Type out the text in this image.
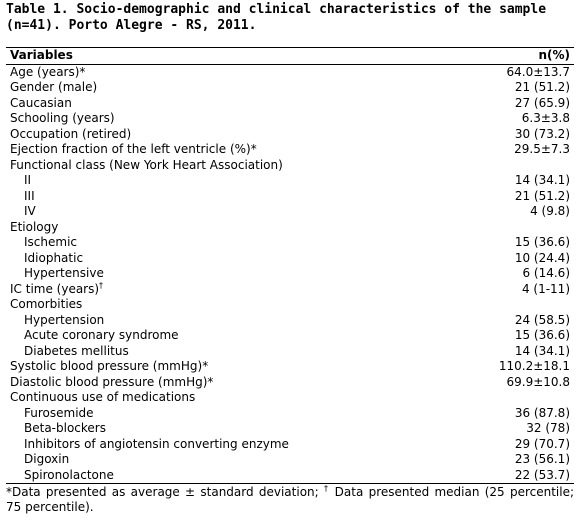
Table 1. Socio-demographic and clinical characteristics of the sample
(n=41). Porto Alegre - RS, 2011.
Variables	n(%)
Age (years)*	64.0±13.7
Gender (male)	21 (51.2)
Caucasian	27 (65.9)
Schooling (years)	6.3±3.8
Occupation (retired)	30 (73.2)
Ejection fraction of the left ventricle (%)*	29.5±7.3
Functional class (New York Heart Association)	
II	14 (34.1)
III	21 (51.2)
IV	4 (9.8)
Etiology	
Ischemic	15 (36.6)
Idiophatic	10 (24.4)
Hypertensive	6 (14.6)
IC time (years)†	4 (1-11)
Comorbities	
Hypertension	24 (58.5)
Acute coronary syndrome	15 (36.6)
Diabetes mellitus	14 (34.1)
Systolic blood pressure (mmHg)*	110.2±18.1
Diastolic blood pressure (mmHg)*	69.9±10.8
Continuous use of medications	
Furosemide	36 (87.8)
Beta-blockers	32 (78)
Inhibitors of angiotensin converting enzyme	29 (70.7)
Digoxin	23 (56.1)
Spironolactone	22 (53.7)
*Data presented as average ± standard deviation; † Data presented median (25 percentile; 75 percentile).
